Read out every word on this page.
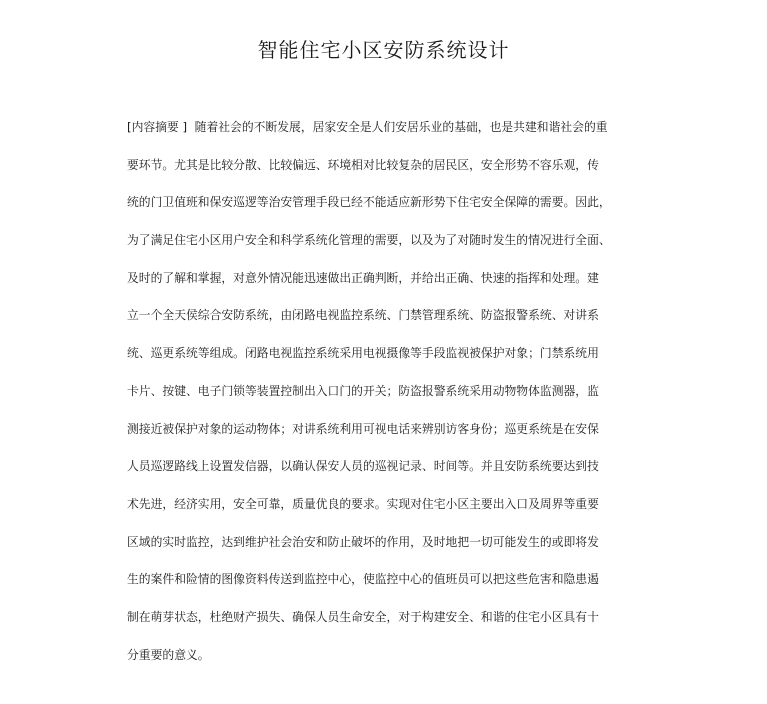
智能住宅小区安防系统设计
[内容摘要 ] 随着社会的不断发展，居家安全是人们安居乐业的基础，也是共建和谐社会的重
要环节。尤其是比较分散、比较偏远、环境相对比较复杂的居民区，安全形势不容乐观，传
统的门卫值班和保安巡逻等治安管理手段已经不能适应新形势下住宅安全保障的需要。因此，
为了满足住宅小区用户安全和科学系统化管理的需要，以及为了对随时发生的情况进行全面、
及时的了解和掌握，对意外情况能迅速做出正确判断，并给出正确、快速的指挥和处理。建
立一个全天侯综合安防系统，由闭路电视监控系统、门禁管理系统、防盗报警系统、对讲系
统、巡更系统等组成。闭路电视监控系统采用电视摄像等手段监视被保护对象；门禁系统用
卡片、按键、电子门锁等装置控制出入口门的开关；防盗报警系统采用动物物体监测器，监
测接近被保护对象的运动物体；对讲系统利用可视电话来辨别访客身份；巡更系统是在安保
人员巡逻路线上设置发信器，以确认保安人员的巡视记录、时间等。并且安防系统要达到技
术先进，经济实用，安全可靠，质量优良的要求。实现对住宅小区主要出入口及周界等重要
区域的实时监控，达到维护社会治安和防止破坏的作用，及时地把一切可能发生的或即将发
生的案件和险情的图像资料传送到监控中心，使监控中心的值班员可以把这些危害和隐患遏
制在萌芽状态，杜绝财产损失、确保人员生命安全，对于构建安全、和谐的住宅小区具有十
分重要的意义。
